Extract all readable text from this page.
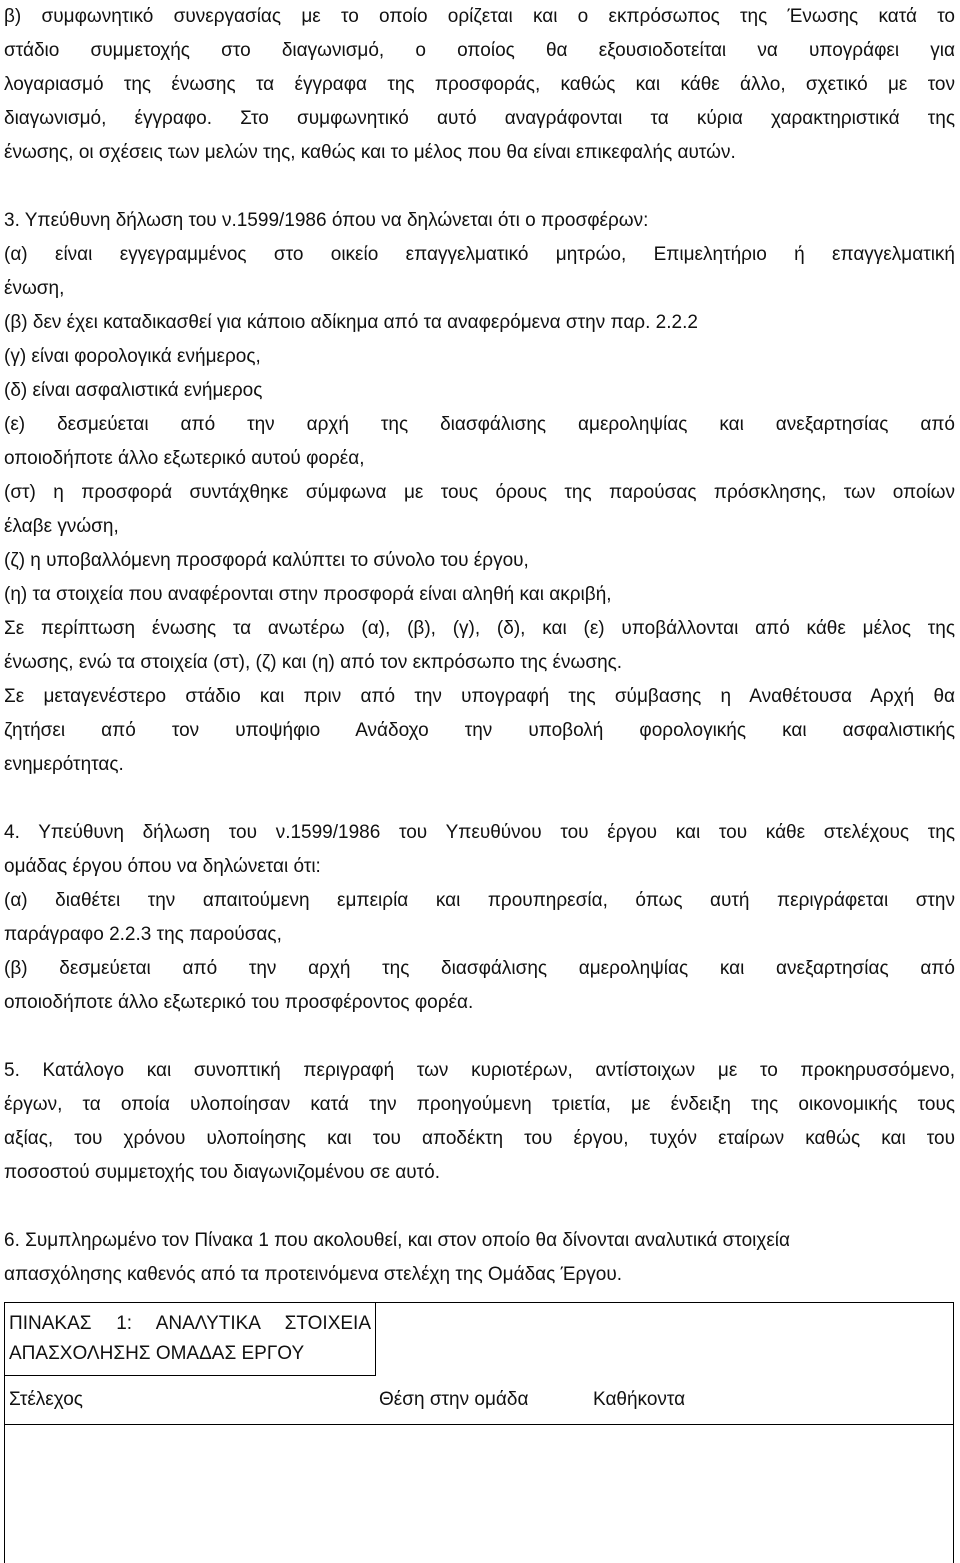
β) συμφωνητικό συνεργασίας με το οποίο ορίζεται και ο εκπρόσωπος της Ένωσης κατά το
στάδιο συμμετοχής στο διαγωνισμό, ο οποίος θα εξουσιοδοτείται να υπογράφει για
λογαριασμό της ένωσης τα έγγραφα της προσφοράς, καθώς και κάθε άλλο, σχετικό με τον
διαγωνισμό, έγγραφο. Στο συμφωνητικό αυτό αναγράφονται τα κύρια χαρακτηριστικά της
ένωσης, οι σχέσεις των μελών της, καθώς και το μέλος που θα είναι επικεφαλής αυτών.
3. Υπεύθυνη δήλωση του ν.1599/1986 όπου να δηλώνεται ότι ο προσφέρων:
(α) είναι εγγεγραμμένος στο οικείο επαγγελματικό μητρώο, Επιμελητήριο ή επαγγελματική
ένωση,
(β) δεν έχει καταδικασθεί για κάποιο αδίκημα από τα αναφερόμενα στην παρ. 2.2.2
(γ) είναι φορολογικά ενήμερος,
(δ) είναι ασφαλιστικά ενήμερος
(ε) δεσμεύεται από την αρχή της διασφάλισης αμεροληψίας και ανεξαρτησίας από
οποιοδήποτε άλλο εξωτερικό αυτού φορέα,
(στ) η προσφορά συντάχθηκε σύμφωνα με τους όρους της παρούσας πρόσκλησης, των οποίων
έλαβε γνώση,
(ζ) η υποβαλλόμενη προσφορά καλύπτει το σύνολο του έργου,
(η) τα στοιχεία που αναφέρονται στην προσφορά είναι αληθή και ακριβή,
Σε περίπτωση ένωσης τα ανωτέρω (α), (β), (γ), (δ), και (ε) υποβάλλονται από κάθε μέλος της
ένωσης, ενώ τα στοιχεία (στ), (ζ) και (η) από τον εκπρόσωπο της ένωσης.
Σε μεταγενέστερο στάδιο και πριν από την υπογραφή της σύμβασης η Αναθέτουσα Αρχή θα
ζητήσει από τον υποψήφιο Ανάδοχο την υποβολή φορολογικής και ασφαλιστικής
ενημερότητας.
4. Υπεύθυνη δήλωση του ν.1599/1986 του Υπευθύνου του έργου και του κάθε στελέχους της
ομάδας έργου όπου να δηλώνεται ότι:
(α) διαθέτει την απαιτούμενη εμπειρία και προυπηρεσία, όπως αυτή περιγράφεται στην
παράγραφο 2.2.3 της παρούσας,
(β) δεσμεύεται από την αρχή της διασφάλισης αμεροληψίας και ανεξαρτησίας από
οποιοδήποτε άλλο εξωτερικό του προσφέροντος φορέα.
5. Κατάλογο και συνοπτική περιγραφή των κυριοτέρων, αντίστοιχων με το προκηρυσσόμενο,
έργων, τα οποία υλοποίησαν κατά την προηγούμενη τριετία, με ένδειξη της οικονομικής τους
αξίας, του χρόνου υλοποίησης και του αποδέκτη του έργου, τυχόν εταίρων καθώς και του
ποσοστού συμμετοχής του διαγωνιζομένου σε αυτό.
6. Συμπληρωμένο τον Πίνακα 1 που ακολουθεί, και στον οποίο θα δίνονται αναλυτικά στοιχεία
απασχόλησης καθενός από τα προτεινόμενα στελέχη της Ομάδας Έργου.
ΠΙΝΑΚΑΣ 1: ΑΝΑΛΥΤΙΚΑ ΣΤΟΙΧΕΙΑ
ΑΠΑΣΧΟΛΗΣΗΣ ΟΜΑΔΑΣ ΕΡΓΟΥ
Στέλεχος	Θέση στην ομάδα	Καθήκοντα
